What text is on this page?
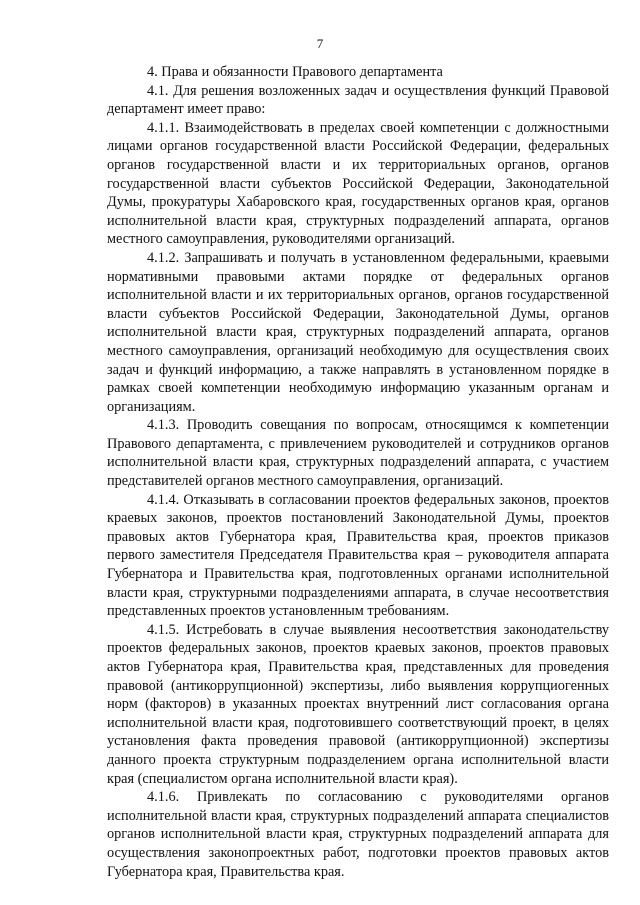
7

4. Права и обязанности Правового департамента

4.1. Для решения возложенных задач и осуществления функций Правовой департамент имеет право:

4.1.1. Взаимодействовать в пределах своей компетенции с должностными лицами органов государственной власти Российской Федерации, федеральных органов государственной власти и их территориальных органов, органов государственной власти субъектов Российской Федерации, Законодательной Думы, прокуратуры Хабаровского края, государственных органов края, органов исполнительной власти края, структурных подразделений аппарата, органов местного самоуправления, руководителями организаций.

4.1.2. Запрашивать и получать в установленном федеральными, краевыми нормативными правовыми актами порядке от федеральных органов исполнительной власти и их территориальных органов, органов государственной власти субъектов Российской Федерации, Законодательной Думы, органов исполнительной власти края, структурных подразделений аппарата, органов местного самоуправления, организаций необходимую для осуществления своих задач и функций информацию, а также направлять в установленном порядке в рамках своей компетенции необходимую информацию указанным органам и организациям.

4.1.3. Проводить совещания по вопросам, относящимся к компетенции Правового департамента, с привлечением руководителей и сотрудников органов исполнительной власти края, структурных подразделений аппарата, с участием представителей органов местного самоуправления, организаций.

4.1.4. Отказывать в согласовании проектов федеральных законов, проектов краевых законов, проектов постановлений Законодательной Думы, проектов правовых актов Губернатора края, Правительства края, проектов приказов первого заместителя Председателя Правительства края – руководителя аппарата Губернатора и Правительства края, подготовленных органами исполнительной власти края, структурными подразделениями аппарата, в случае несоответствия представленных проектов установленным требованиям.

4.1.5. Истребовать в случае выявления несоответствия законодательству проектов федеральных законов, проектов краевых законов, проектов правовых актов Губернатора края, Правительства края, представленных для проведения правовой (антикоррупционной) экспертизы, либо выявления коррупциогенных норм (факторов) в указанных проектах внутренний лист согласования органа исполнительной власти края, подготовившего соответствующий проект, в целях установления факта проведения правовой (антикоррупционной) экспертизы данного проекта структурным подразделением органа исполнительной власти края (специалистом органа исполнительной власти края).

4.1.6. Привлекать по согласованию с руководителями органов исполнительной власти края, структурных подразделений аппарата специалистов органов исполнительной власти края, структурных подразделений аппарата для осуществления законопроектных работ, подготовки проектов правовых актов Губернатора края, Правительства края.
